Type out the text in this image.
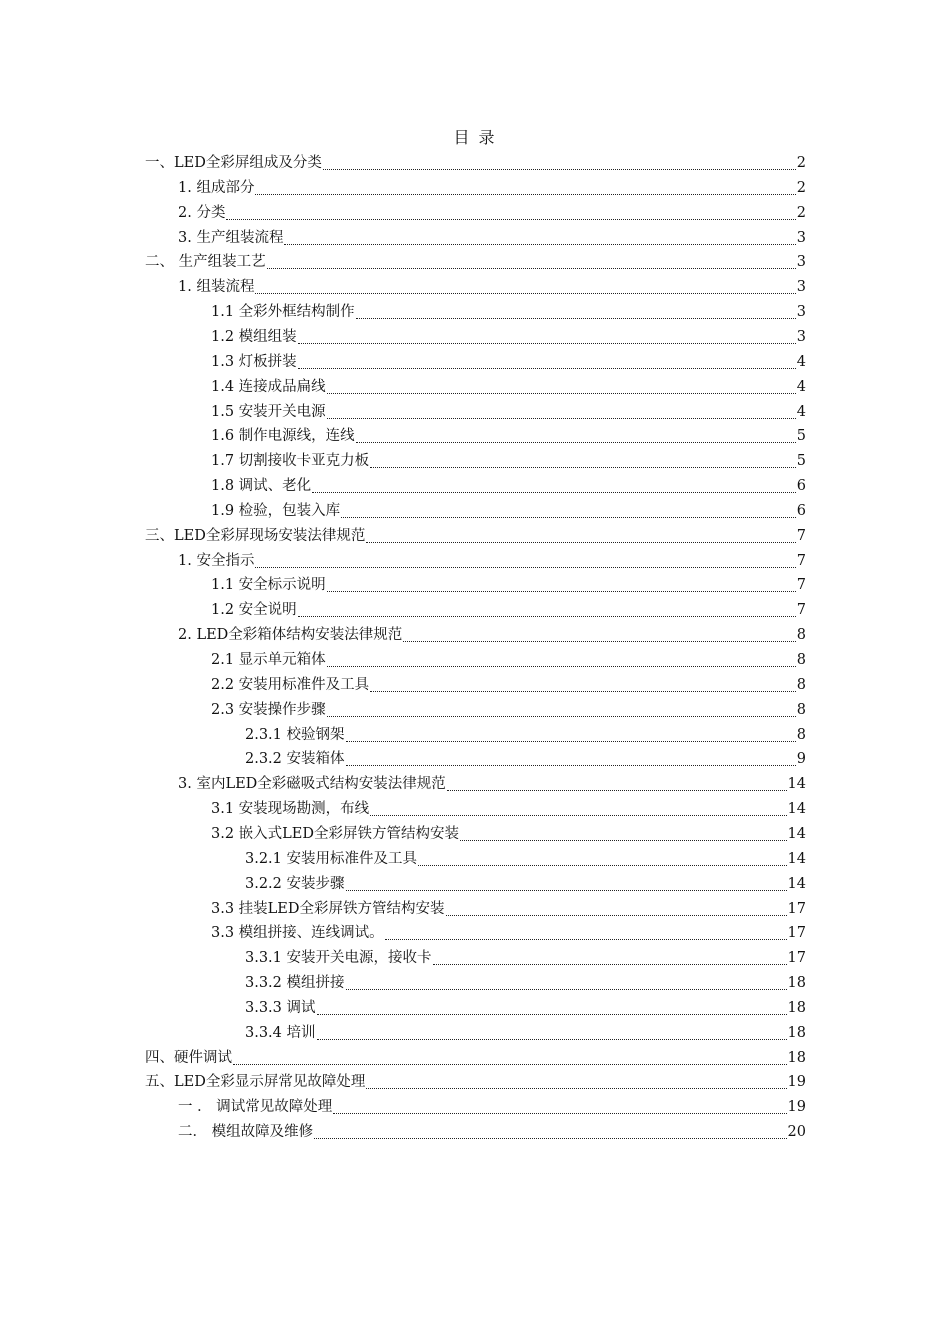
目 录
一、LED全彩屏组成及分类	2
1. 组成部分	2
2. 分类	2
3. 生产组装流程	3
二、 生产组装工艺	3
1. 组装流程	3
1.1 全彩外框结构制作	3
1.2 模组组装	3
1.3 灯板拼装	4
1.4 连接成品扁线	4
1.5 安装开关电源	4
1.6 制作电源线，连线	5
1.7 切割接收卡亚克力板	5
1.8 调试、老化	6
1.9 检验，包装入库	6
三、LED全彩屏现场安装法律规范	7
1. 安全指示	7
1.1 安全标示说明	7
1.2 安全说明	7
2. LED全彩箱体结构安装法律规范	8
2.1 显示单元箱体	8
2.2 安装用标准件及工具	8
2.3 安装操作步骤	8
2.3.1 校验钢架	8
2.3.2 安装箱体	9
3. 室内LED全彩磁吸式结构安装法律规范	14
3.1 安装现场勘测，布线	14
3.2 嵌入式LED全彩屏铁方管结构安装	14
3.2.1 安装用标准件及工具	14
3.2.2 安装步骤	14
3.3 挂装LED全彩屏铁方管结构安装	17
3.3 模组拼接、连线调试。	17
3.3.1 安装开关电源，接收卡	17
3.3.2 模组拼接	18
3.3.3 调试	18
3.3.4 培训	18
四、硬件调试	18
五、LED全彩显示屏常见故障处理	19
一 ． 调试常见故障处理	19
二． 模组故障及维修	20
